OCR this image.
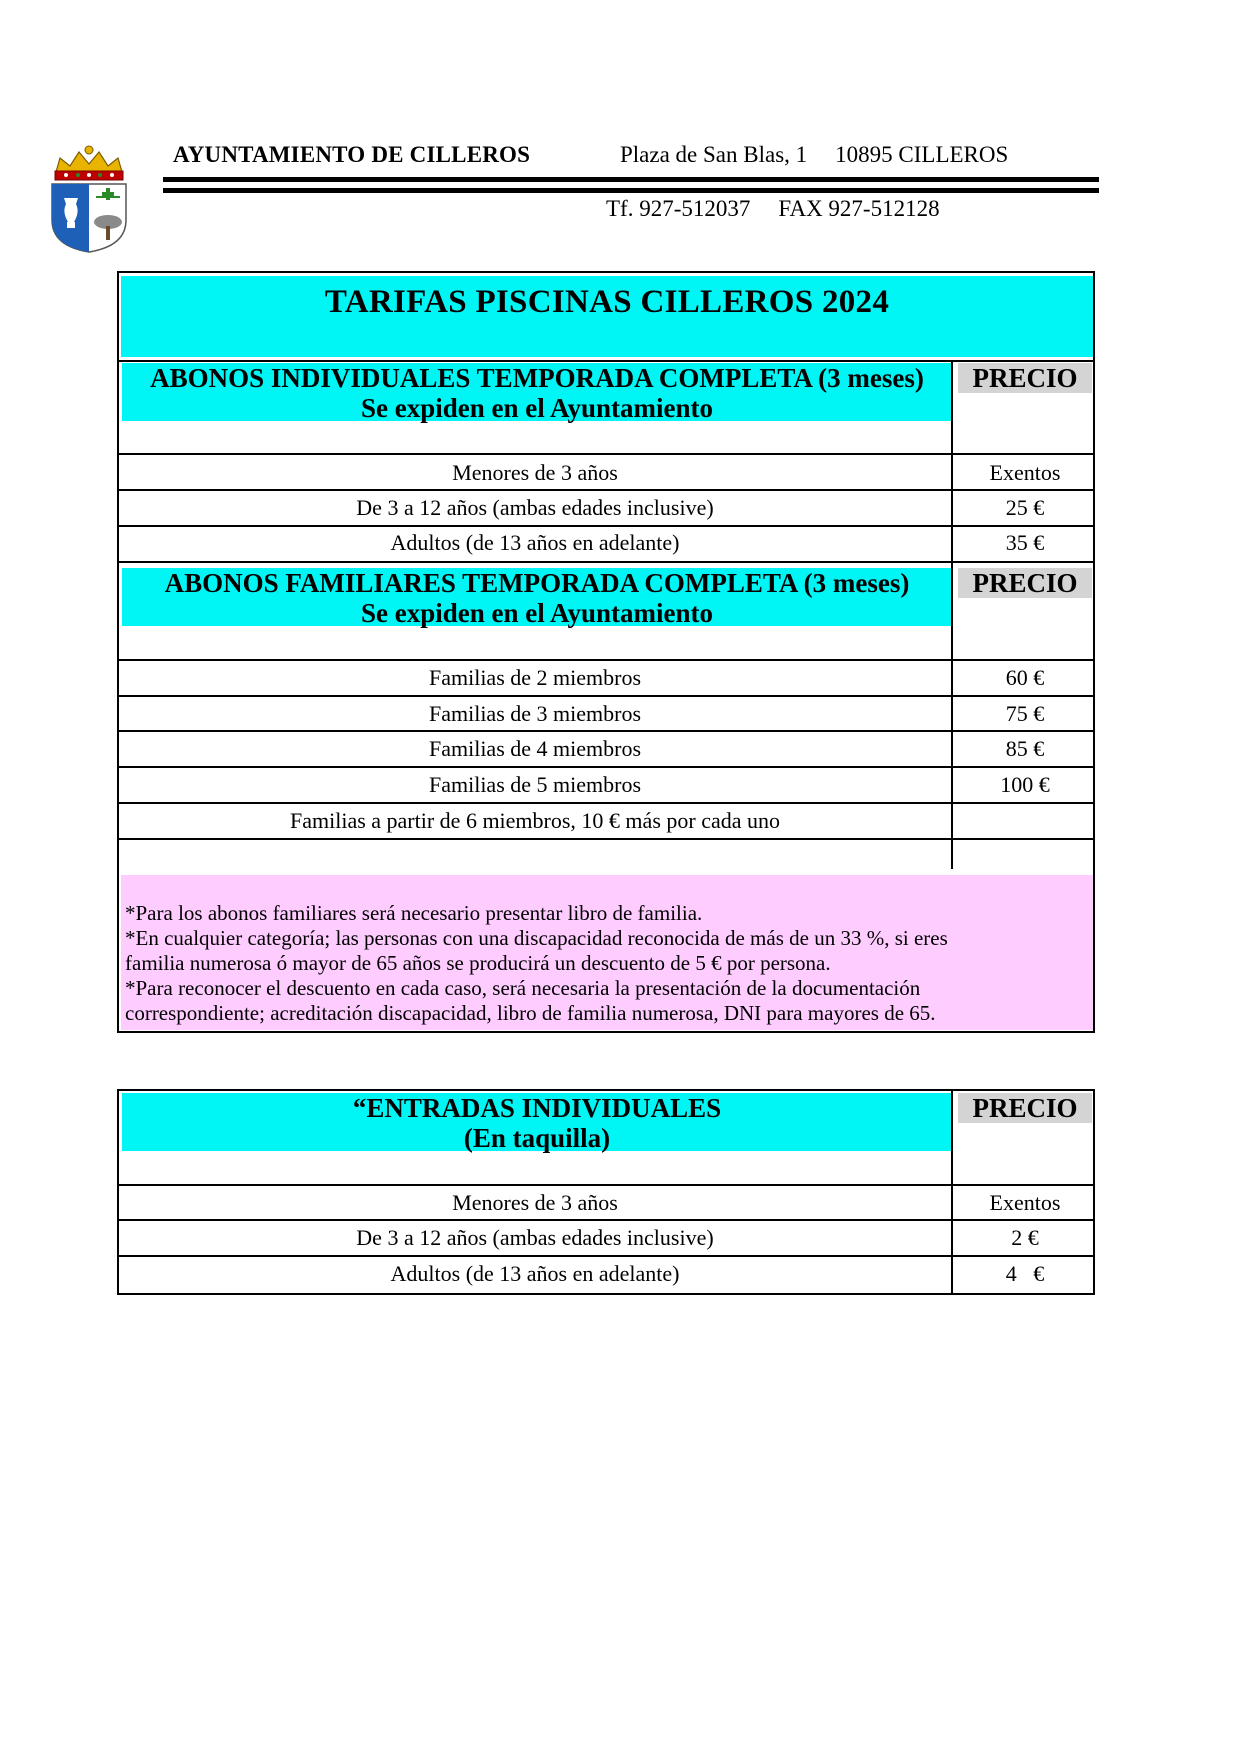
AYUNTAMIENTO DE CILLEROS	Plaza de San Blas, 1 10895 CILLEROS
Tf. 927-512037 FAX 927-512128
TARIFAS PISCINAS CILLEROS 2024
ABONOS INDIVIDUALES TEMPORADA COMPLETA (3 meses)
Se expiden en el Ayuntamiento
PRECIO
Menores de 3 años	Exentos
De 3 a 12 años (ambas edades inclusive)	25 €
Adultos (de 13 años en adelante)	35 €
ABONOS FAMILIARES TEMPORADA COMPLETA (3 meses)
Se expiden en el Ayuntamiento
PRECIO
Familias de 2 miembros	60 €
Familias de 3 miembros	75 €
Familias de 4 miembros	85 €
Familias de 5 miembros	100 €
Familias a partir de 6 miembros, 10 € más por cada uno

*Para los abonos familiares será necesario presentar libro de familia.

*En cualquier categoría; las personas con una discapacidad reconocida de más de un 33 %, si eres

familia numerosa ó mayor de 65 años se producirá un descuento de 5 € por persona.

*Para reconocer el descuento en cada caso, será necesaria la presentación de la documentación

correspondiente; acreditación discapacidad, libro de familia numerosa, DNI para mayores de 65.

“ENTRADAS INDIVIDUALES
(En taquilla)
PRECIO
Menores de 3 años	Exentos
De 3 a 12 años (ambas edades inclusive)	2 €
Adultos (de 13 años en adelante)	4   €
